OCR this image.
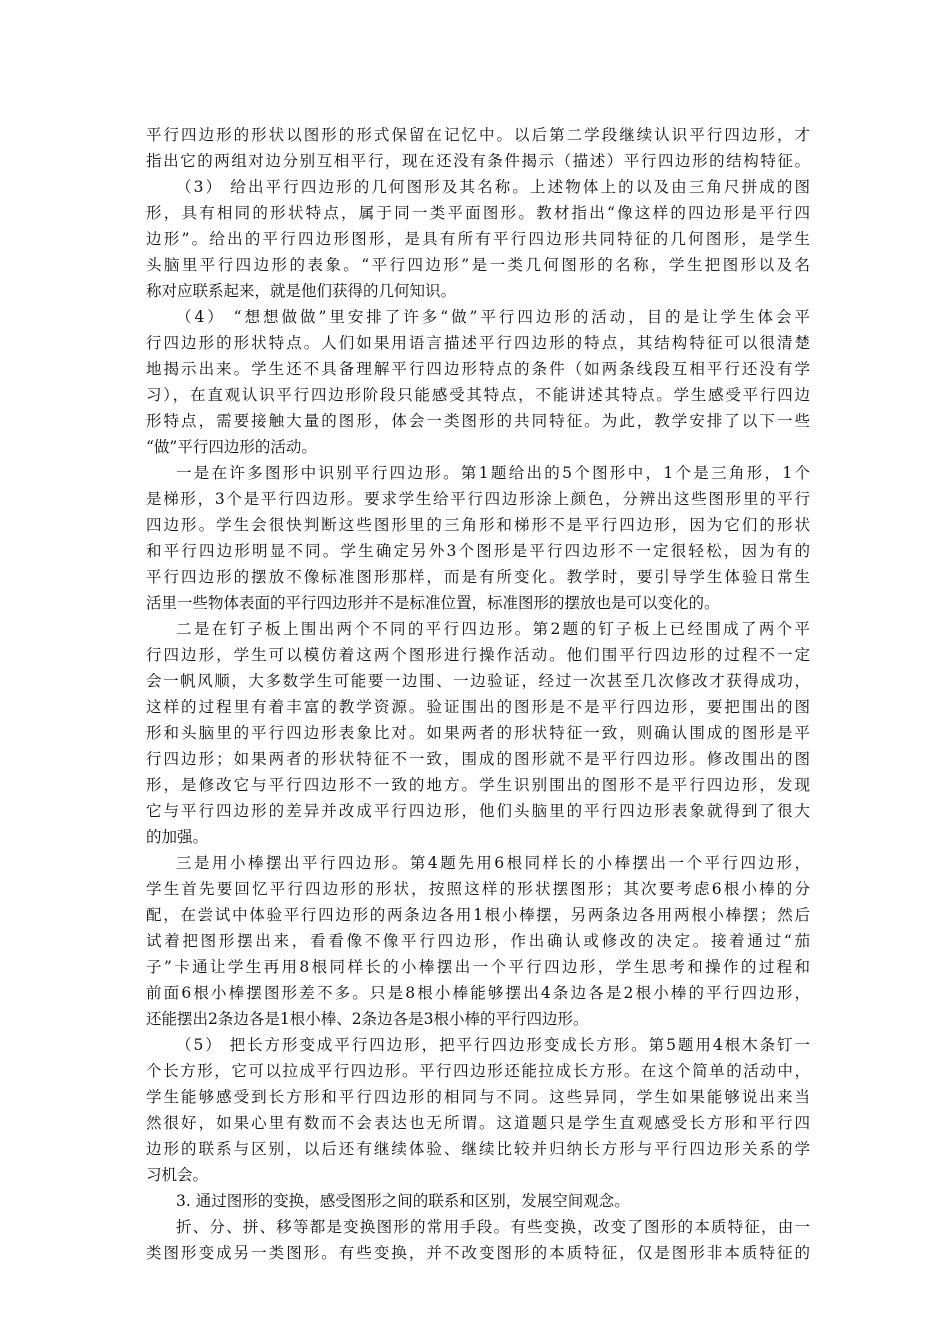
平行四边形的形状以图形的形式保留在记忆中。以后第二学段继续认识平行四边形，才
指出它的两组对边分别互相平行，现在还没有条件揭示（描述）平行四边形的结构特征。
（3） 给出平行四边形的几何图形及其名称。上述物体上的以及由三角尺拼成的图
形，具有相同的形状特点，属于同一类平面图形。教材指出“像这样的四边形是平行四
边形”。给出的平行四边形图形，是具有所有平行四边形共同特征的几何图形，是学生
头脑里平行四边形的表象。“平行四边形”是一类几何图形的名称，学生把图形以及名
称对应联系起来，就是他们获得的几何知识。
（4） “想想做做”里安排了许多“做”平行四边形的活动，目的是让学生体会平
行四边形的形状特点。人们如果用语言描述平行四边形的特点，其结构特征可以很清楚
地揭示出来。学生还不具备理解平行四边形特点的条件（如两条线段互相平行还没有学
习），在直观认识平行四边形阶段只能感受其特点，不能讲述其特点。学生感受平行四边
形特点，需要接触大量的图形，体会一类图形的共同特征。为此，教学安排了以下一些
“做”平行四边形的活动。
一是在许多图形中识别平行四边形。第1题给出的5个图形中，1个是三角形，1个
是梯形，3个是平行四边形。要求学生给平行四边形涂上颜色，分辨出这些图形里的平行
四边形。学生会很快判断这些图形里的三角形和梯形不是平行四边形，因为它们的形状
和平行四边形明显不同。学生确定另外3个图形是平行四边形不一定很轻松，因为有的
平行四边形的摆放不像标准图形那样，而是有所变化。教学时，要引导学生体验日常生
活里一些物体表面的平行四边形并不是标准位置，标准图形的摆放也是可以变化的。
二是在钉子板上围出两个不同的平行四边形。第2题的钉子板上已经围成了两个平
行四边形，学生可以模仿着这两个图形进行操作活动。他们围平行四边形的过程不一定
会一帆风顺，大多数学生可能要一边围、一边验证，经过一次甚至几次修改才获得成功，
这样的过程里有着丰富的教学资源。验证围出的图形是不是平行四边形，要把围出的图
形和头脑里的平行四边形表象比对。如果两者的形状特征一致，则确认围成的图形是平
行四边形；如果两者的形状特征不一致，围成的图形就不是平行四边形。修改围出的图
形，是修改它与平行四边形不一致的地方。学生识别围出的图形不是平行四边形，发现
它与平行四边形的差异并改成平行四边形，他们头脑里的平行四边形表象就得到了很大
的加强。
三是用小棒摆出平行四边形。第4题先用6根同样长的小棒摆出一个平行四边形，
学生首先要回忆平行四边形的形状，按照这样的形状摆图形；其次要考虑6根小棒的分
配，在尝试中体验平行四边形的两条边各用1根小棒摆，另两条边各用两根小棒摆；然后
试着把图形摆出来，看看像不像平行四边形，作出确认或修改的决定。接着通过“茄
子”卡通让学生再用8根同样长的小棒摆出一个平行四边形，学生思考和操作的过程和
前面6根小棒摆图形差不多。只是8根小棒能够摆出4条边各是2根小棒的平行四边形，
还能摆出2条边各是1根小棒、2条边各是3根小棒的平行四边形。
（5） 把长方形变成平行四边形，把平行四边形变成长方形。第5题用4根木条钉一
个长方形，它可以拉成平行四边形。平行四边形还能拉成长方形。在这个简单的活动中，
学生能够感受到长方形和平行四边形的相同与不同。这些异同，学生如果能够说出来当
然很好，如果心里有数而不会表达也无所谓。这道题只是学生直观感受长方形和平行四
边形的联系与区别，以后还有继续体验、继续比较并归纳长方形与平行四边形关系的学
习机会。
3. 通过图形的变换，感受图形之间的联系和区别，发展空间观念。
折、分、拼、移等都是变换图形的常用手段。有些变换，改变了图形的本质特征，由一
类图形变成另一类图形。有些变换，并不改变图形的本质特征，仅是图形非本质特征的
